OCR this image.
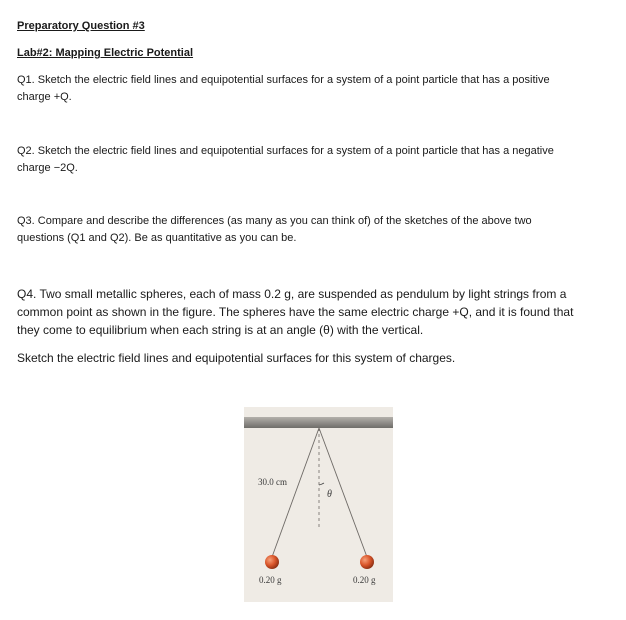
Preparatory Question #3

Lab#2: Mapping Electric Potential

Q1. Sketch the electric field lines and equipotential surfaces for a system of a point particle that has a positive

charge +Q.

Q2. Sketch the electric field lines and equipotential surfaces for a system of a point particle that has a negative

charge −2Q.

Q3. Compare and describe the differences (as many as you can think of) of the sketches of the above two

questions (Q1 and Q2). Be as quantitative as you can be.

Q4. Two small metallic spheres, each of mass 0.2 g, are suspended as pendulum by light strings from a

common point as shown in the figure. The spheres have the same electric charge +Q, and it is found that

they come to equilibrium when each string is at an angle (θ) with the vertical.

Sketch the electric field lines and equipotential surfaces for this system of charges.

30.0 cm
θ
0.20 g	0.20 g
